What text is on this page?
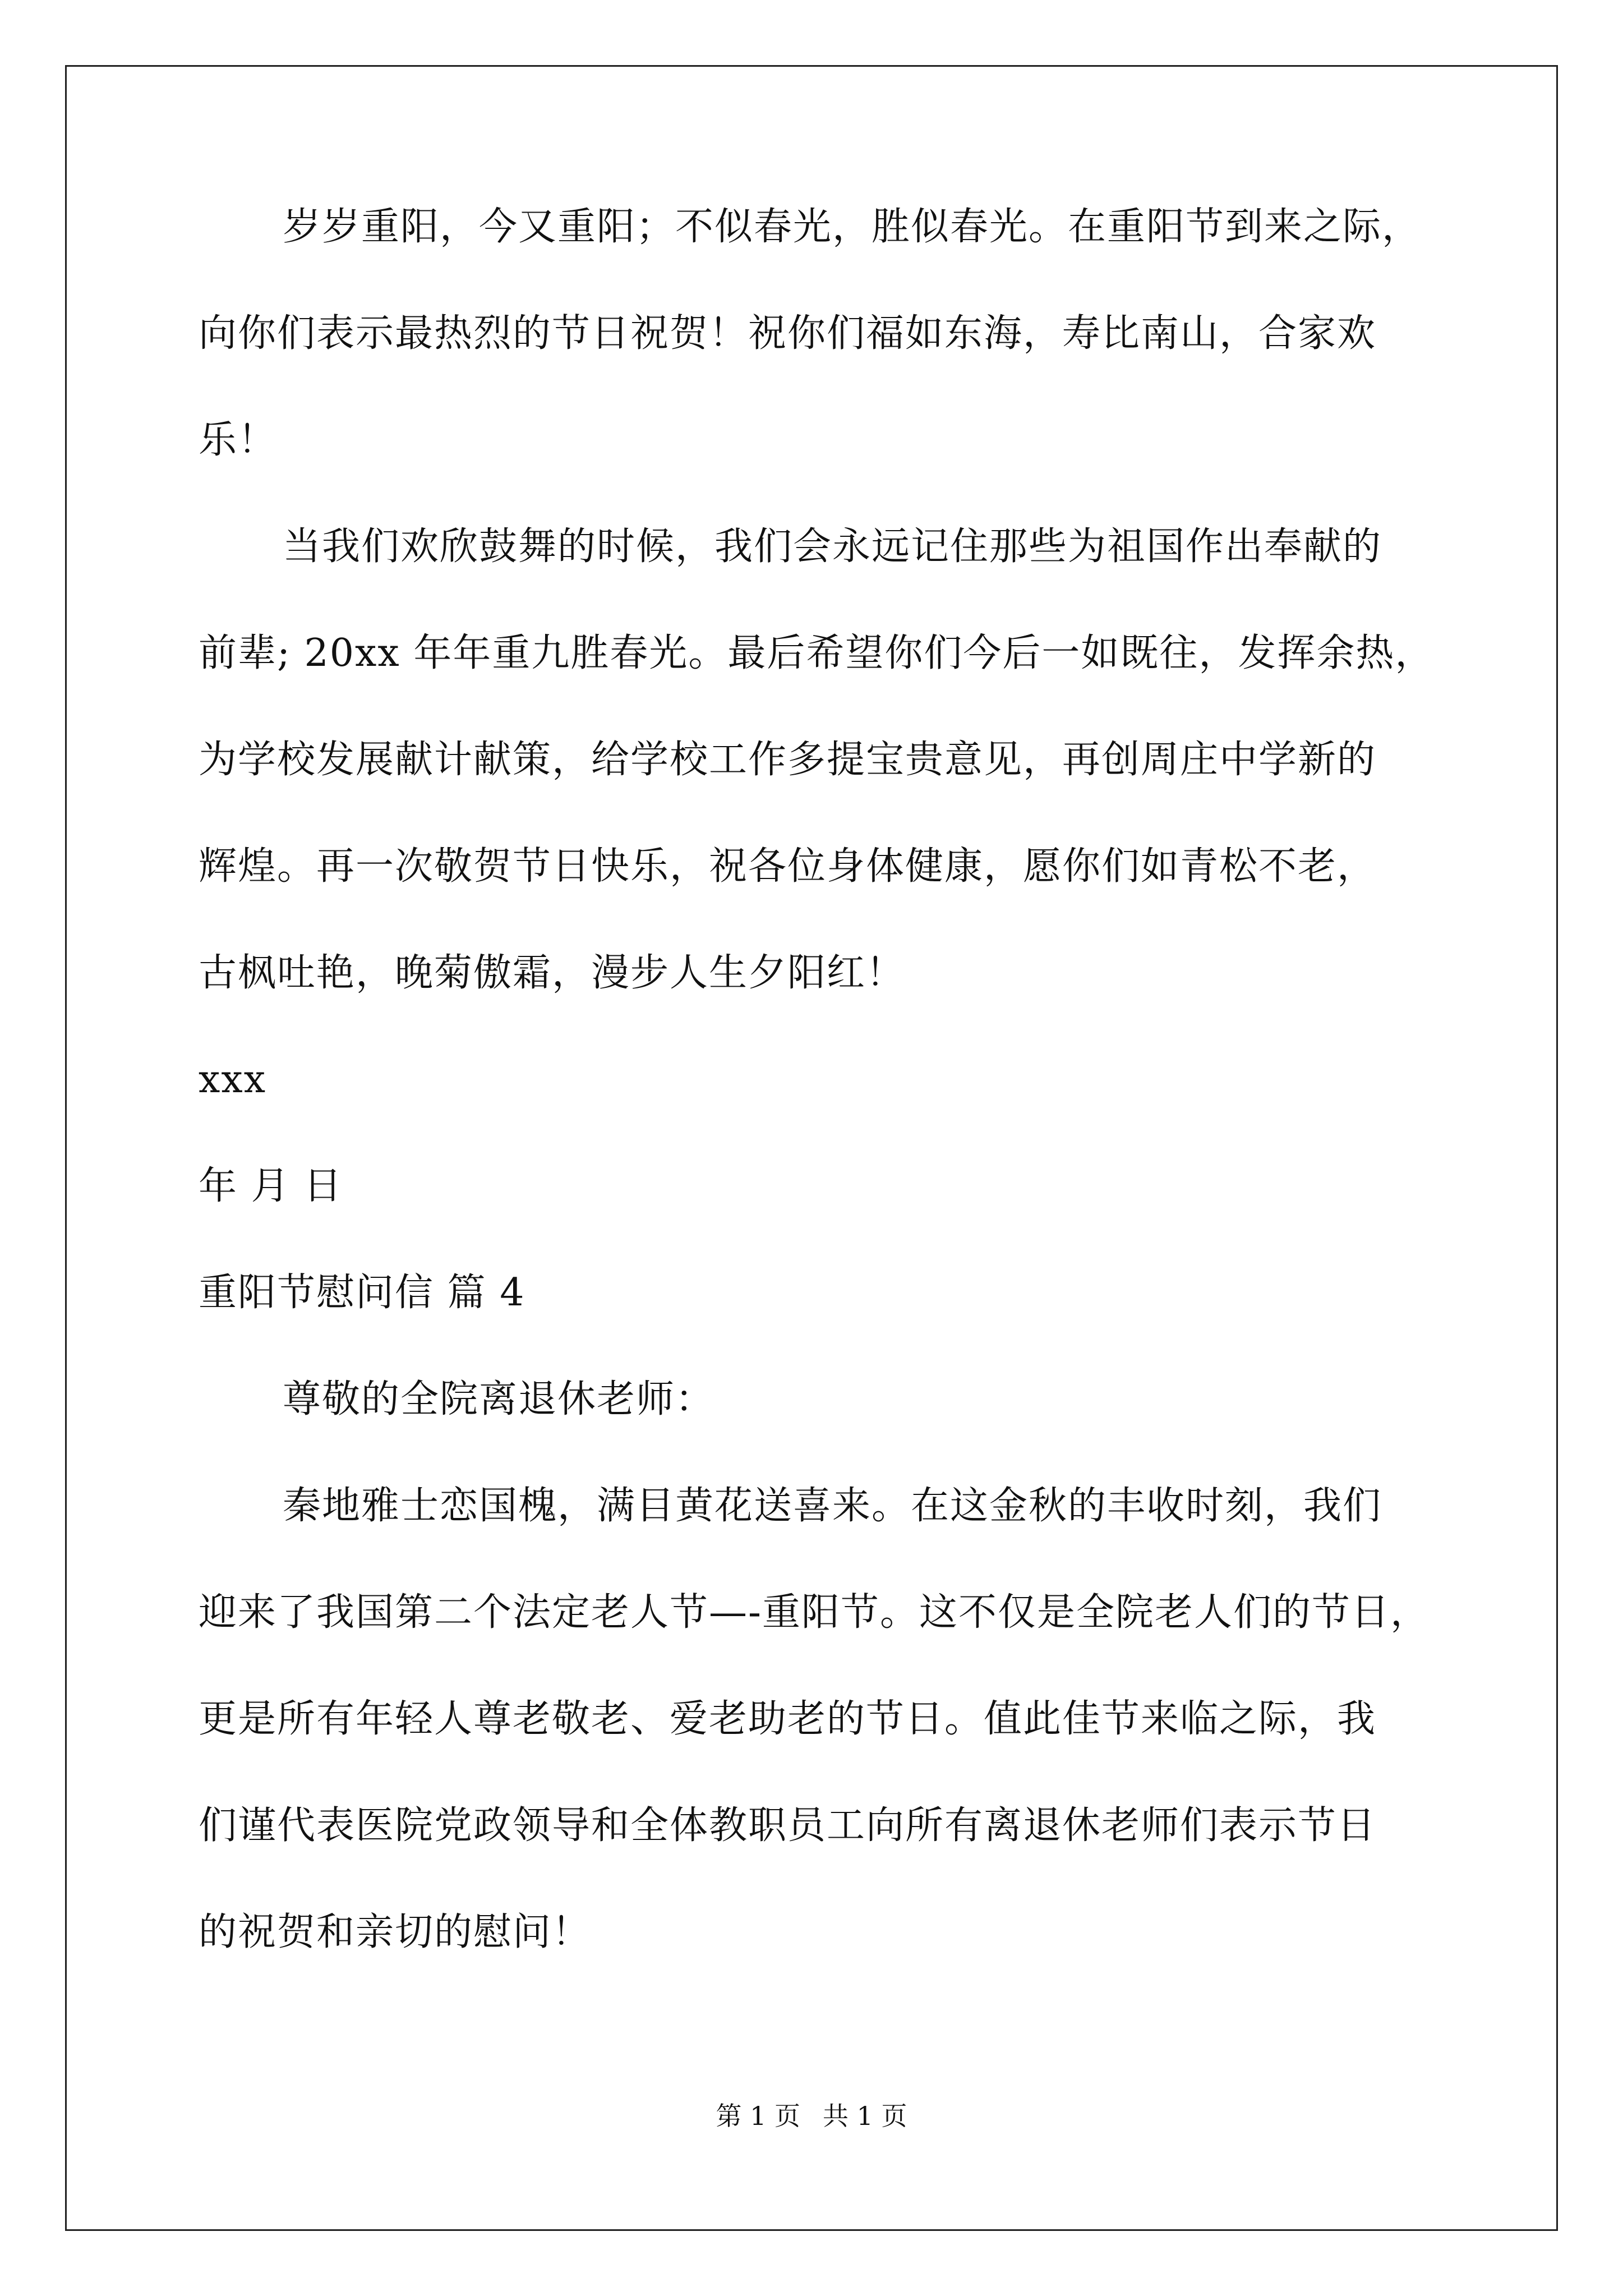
岁岁重阳，今又重阳；不似春光，胜似春光。在重阳节到来之际，
向你们表示最热烈的节日祝贺！祝你们福如东海，寿比南山，合家欢
乐！
当我们欢欣鼓舞的时候，我们会永远记住那些为祖国作出奉献的
前辈; 20xx 年年重九胜春光。最后希望你们今后一如既往，发挥余热，
为学校发展献计献策，给学校工作多提宝贵意见，再创周庄中学新的
辉煌。再一次敬贺节日快乐，祝各位身体健康，愿你们如青松不老，
古枫吐艳，晚菊傲霜，漫步人生夕阳红！
xxx
年 月 日
重阳节慰问信 篇 4
尊敬的全院离退休老师：
秦地雅士恋国槐，满目黄花送喜来。在这金秋的丰收时刻，我们
迎来了我国第二个法定老人节—-重阳节。这不仅是全院老人们的节日，
更是所有年轻人尊老敬老、爱老助老的节日。值此佳节来临之际，我
们谨代表医院党政领导和全体教职员工向所有离退休老师们表示节日
的祝贺和亲切的慰问！
第 1 页 共 1 页
